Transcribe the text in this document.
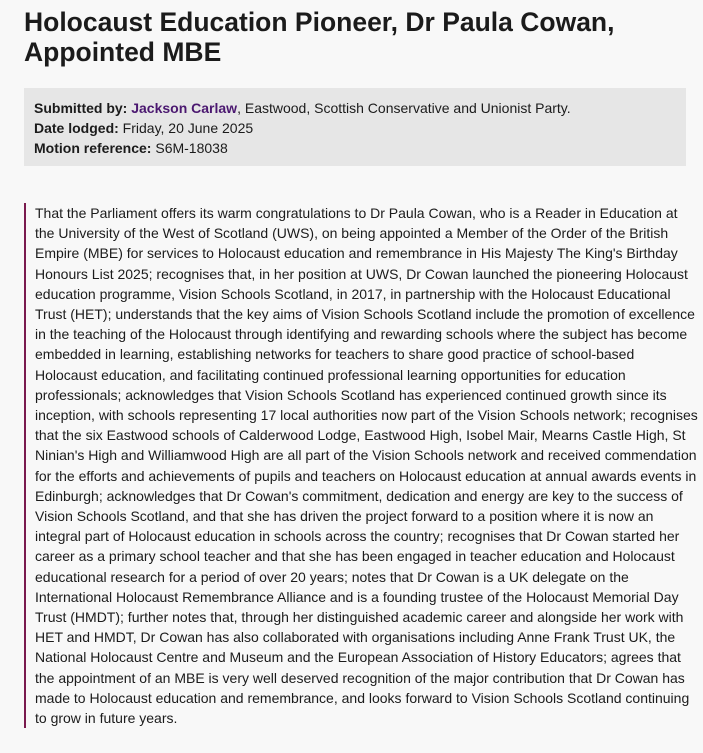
Holocaust Education Pioneer, Dr Paula Cowan, Appointed MBE
Submitted by: Jackson Carlaw, Eastwood, Scottish Conservative and Unionist Party.
Date lodged: Friday, 20 June 2025
Motion reference: S6M-18038

That the Parliament offers its warm congratulations to Dr Paula Cowan, who is a Reader in Education at the University of the West of Scotland (UWS), on being appointed a Member of the Order of the British Empire (MBE) for services to Holocaust education and remembrance in His Majesty The King's Birthday Honours List 2025; recognises that, in her position at UWS, Dr Cowan launched the pioneering Holocaust education programme, Vision Schools Scotland, in 2017, in partnership with the Holocaust Educational Trust (HET); understands that the key aims of Vision Schools Scotland include the promotion of excellence in the teaching of the Holocaust through identifying and rewarding schools where the subject has become embedded in learning, establishing networks for teachers to share good practice of school-based Holocaust education, and facilitating continued professional learning opportunities for education professionals; acknowledges that Vision Schools Scotland has experienced continued growth since its inception, with schools representing 17 local authorities now part of the Vision Schools network; recognises that the six Eastwood schools of Calderwood Lodge, Eastwood High, Isobel Mair, Mearns Castle High, St Ninian's High and Williamwood High are all part of the Vision Schools network and received commendation for the efforts and achievements of pupils and teachers on Holocaust education at annual awards events in Edinburgh; acknowledges that Dr Cowan's commitment, dedication and energy are key to the success of Vision Schools Scotland, and that she has driven the project forward to a position where it is now an integral part of Holocaust education in schools across the country; recognises that Dr Cowan started her career as a primary school teacher and that she has been engaged in teacher education and Holocaust educational research for a period of over 20 years; notes that Dr Cowan is a UK delegate on the International Holocaust Remembrance Alliance and is a founding trustee of the Holocaust Memorial Day Trust (HMDT); further notes that, through her distinguished academic career and alongside her work with HET and HMDT, Dr Cowan has also collaborated with organisations including Anne Frank Trust UK, the National Holocaust Centre and Museum and the European Association of History Educators; agrees that the appointment of an MBE is very well deserved recognition of the major contribution that Dr Cowan has made to Holocaust education and remembrance, and looks forward to Vision Schools Scotland continuing to grow in future years.
